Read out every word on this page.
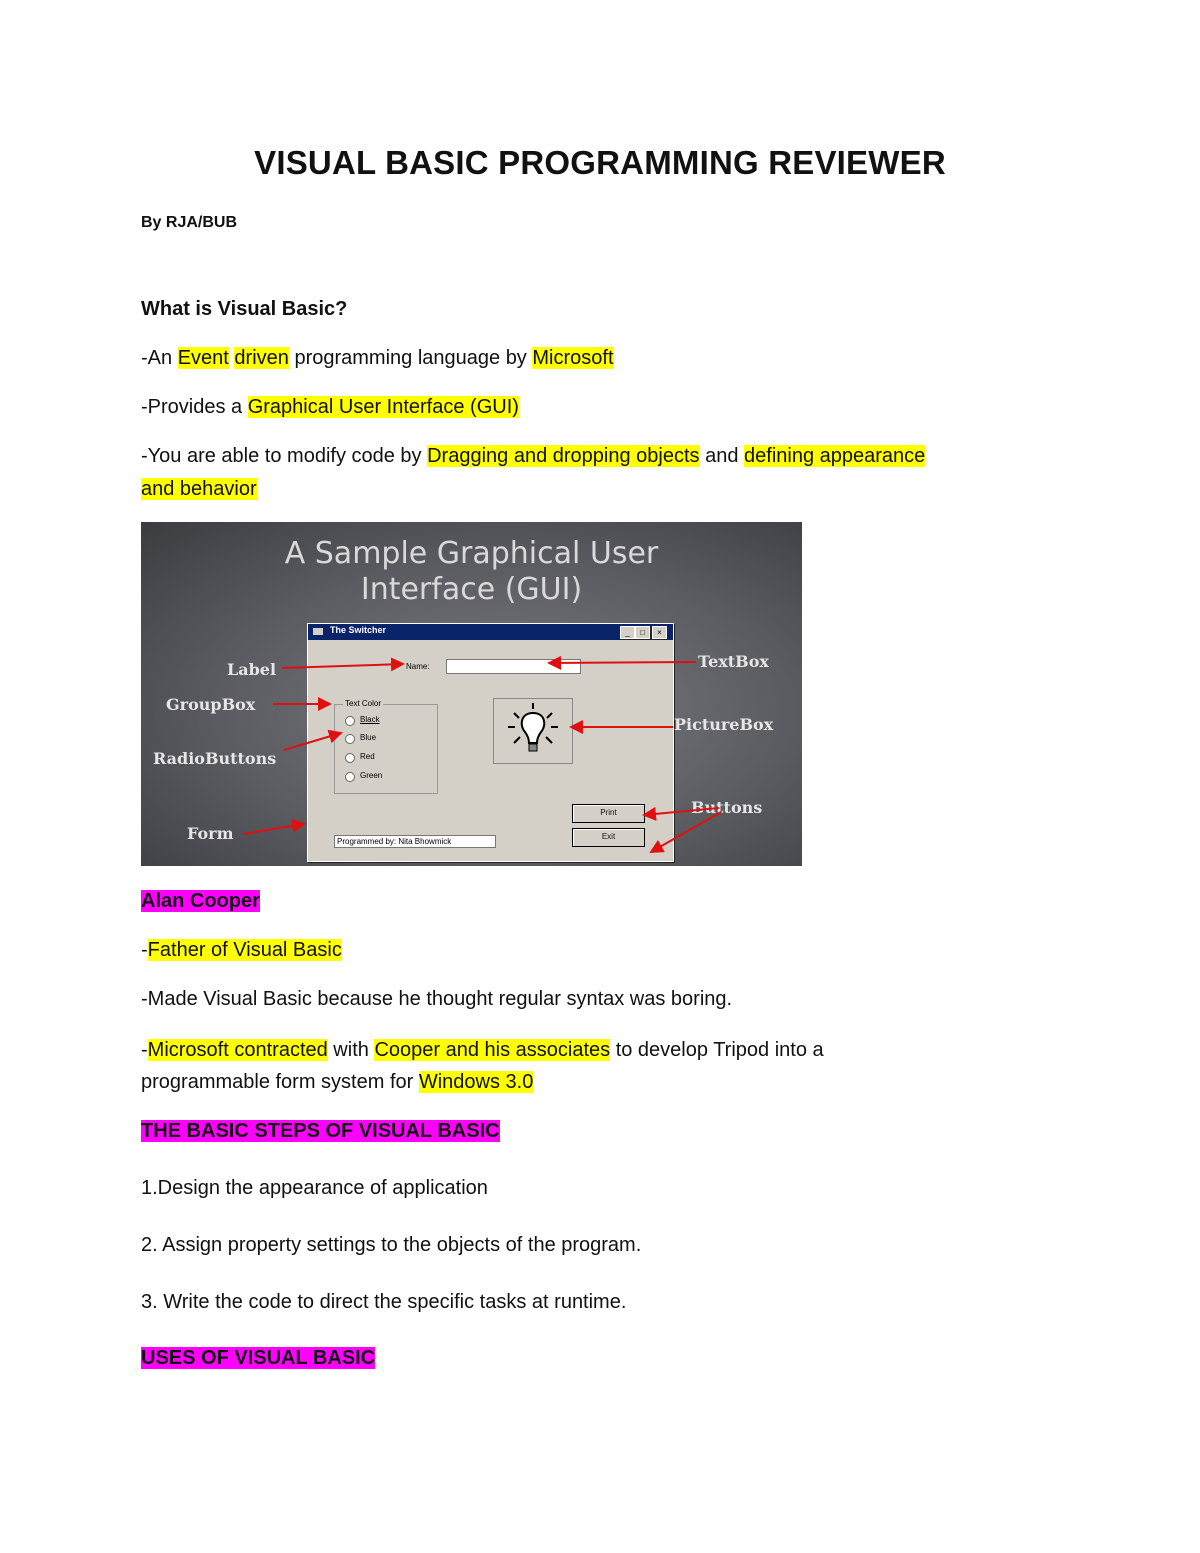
VISUAL BASIC PROGRAMMING REVIEWER
By RJA/BUB
What is Visual Basic?
-An Event driven programming language by Microsoft
-Provides a Graphical User Interface (GUI)
-You are able to modify code by Dragging and dropping objects and defining appearance
and behavior
A Sample Graphical User
Interface (GUI)
The Switcher	_	□	×
Name:
Text Color
Black
Blue
Red
Green
Print
Exit
Programmed by: Nita Bhowmick
Label
GroupBox
RadioButtons
Form
TextBox
PictureBox
Buttons
Alan Cooper
-Father of Visual Basic
-Made Visual Basic because he thought regular syntax was boring.
-Microsoft contracted with Cooper and his associates to develop Tripod into a
programmable form system for Windows 3.0
THE BASIC STEPS OF VISUAL BASIC
1.Design the appearance of application
2. Assign property settings to the objects of the program.
3. Write the code to direct the specific tasks at runtime.
USES OF VISUAL BASIC
